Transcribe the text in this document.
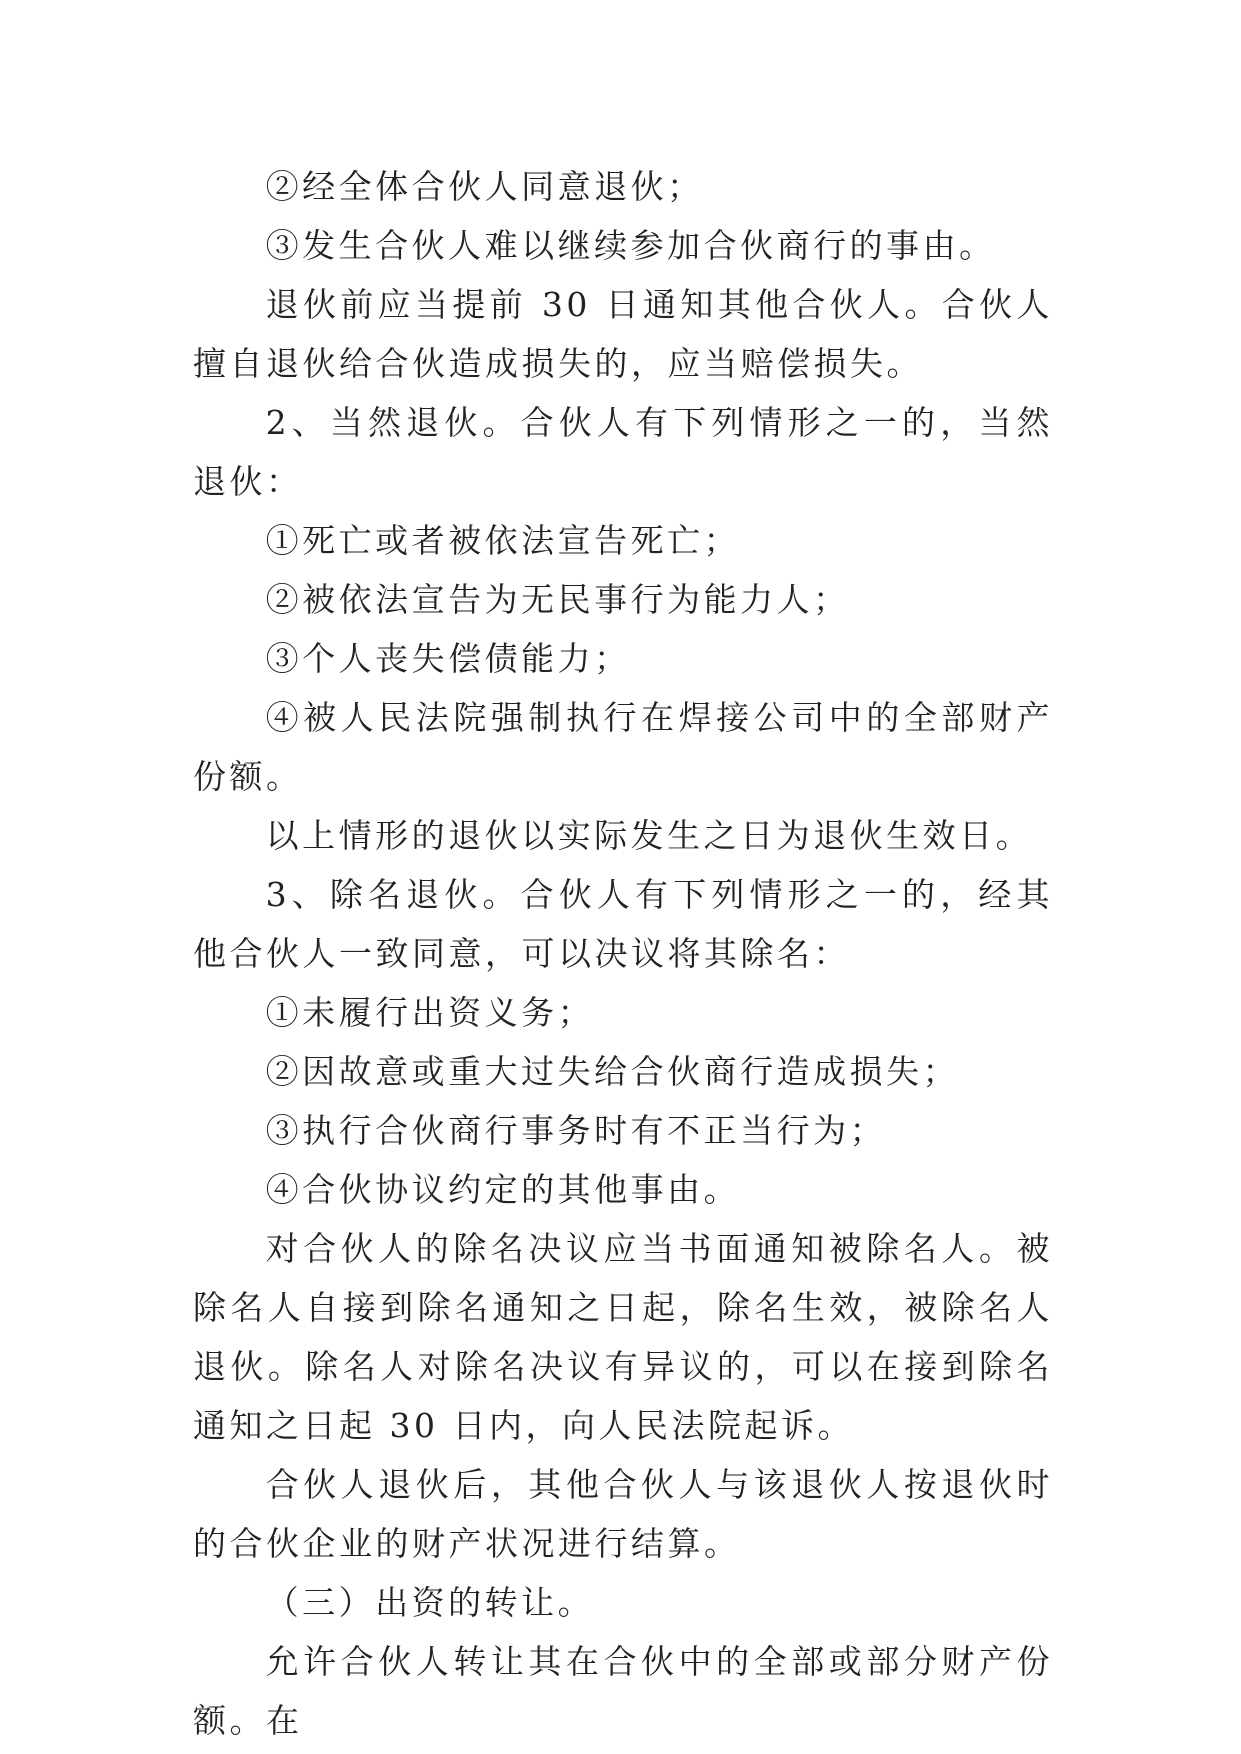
②经全体合伙人同意退伙；

③发生合伙人难以继续参加合伙商行的事由。

退伙前应当提前 30 日通知其他合伙人。合伙人擅自退伙给合伙造成损失的，应当赔偿损失。

2、当然退伙。合伙人有下列情形之一的，当然退伙：

①死亡或者被依法宣告死亡；

②被依法宣告为无民事行为能力人；

③个人丧失偿债能力；

④被人民法院强制执行在焊接公司中的全部财产份额。

以上情形的退伙以实际发生之日为退伙生效日。

3、除名退伙。合伙人有下列情形之一的，经其他合伙人一致同意，可以决议将其除名：

①未履行出资义务；

②因故意或重大过失给合伙商行造成损失；

③执行合伙商行事务时有不正当行为；

④合伙协议约定的其他事由。

对合伙人的除名决议应当书面通知被除名人。被除名人自接到除名通知之日起，除名生效，被除名人退伙。除名人对除名决议有异议的，可以在接到除名通知之日起 30 日内，向人民法院起诉。

合伙人退伙后，其他合伙人与该退伙人按退伙时的合伙企业的财产状况进行结算。

（三）出资的转让。

允许合伙人转让其在合伙中的全部或部分财产份额。在
